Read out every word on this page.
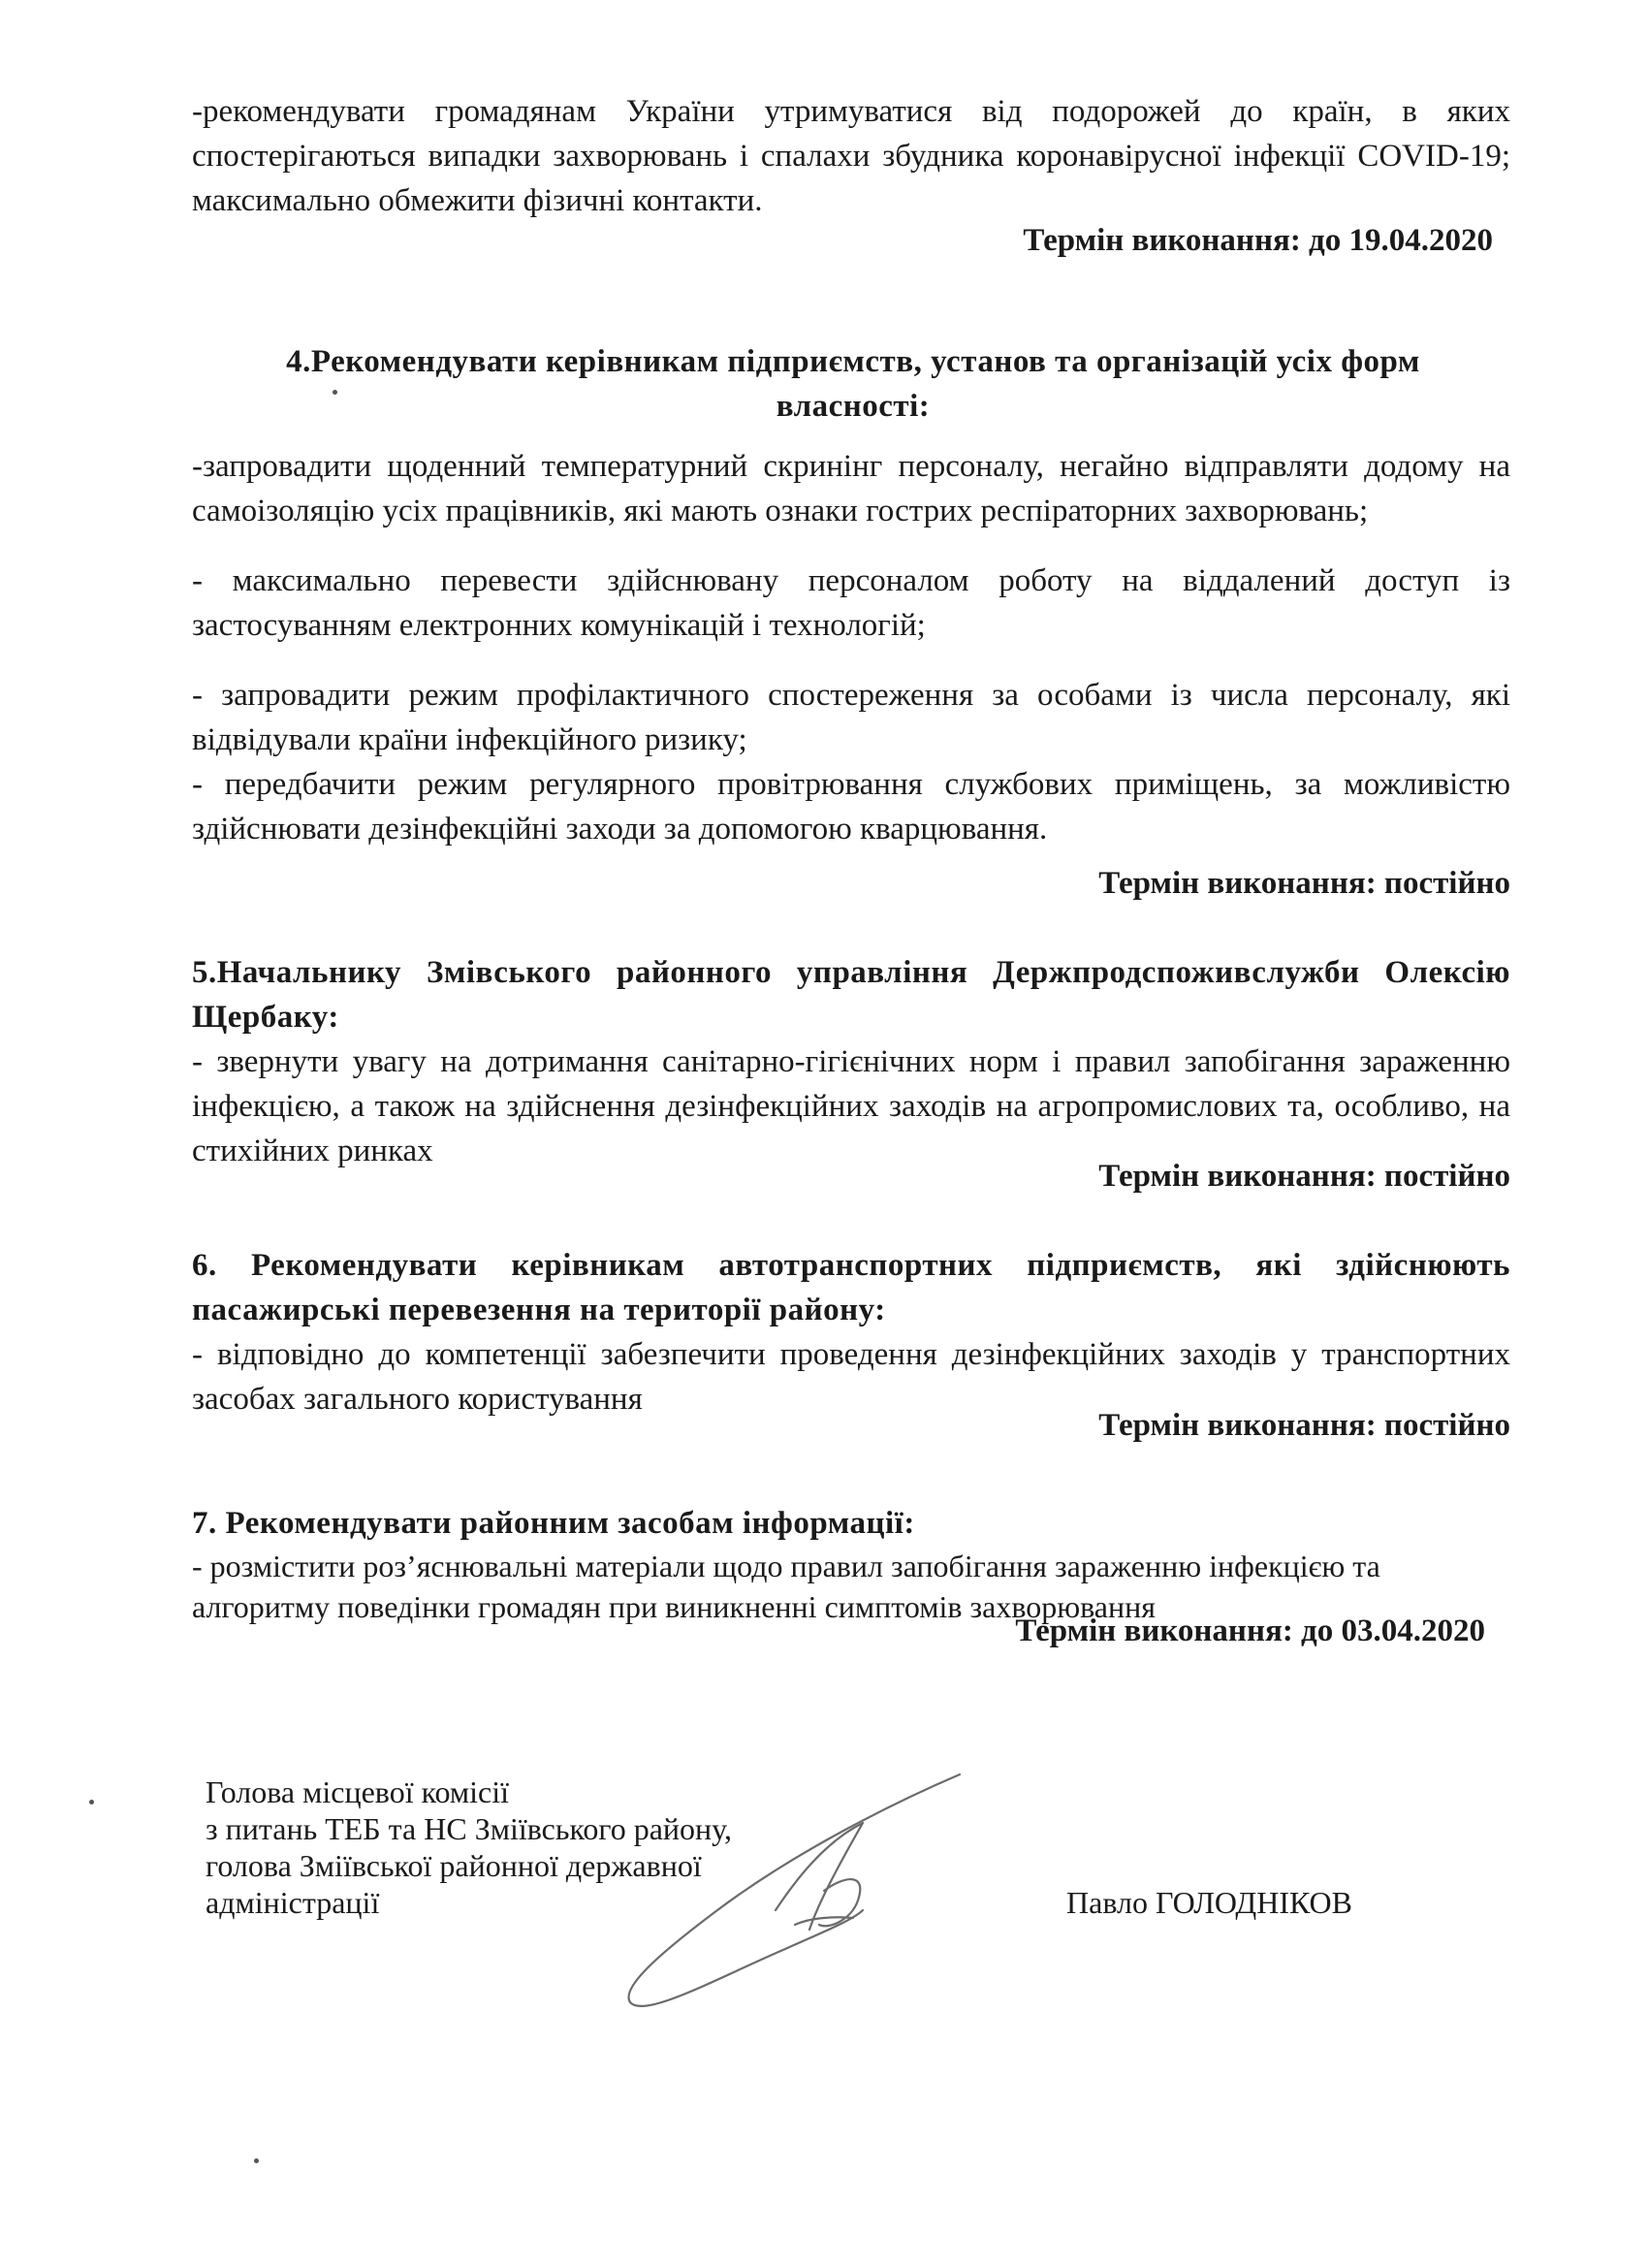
-рекомендувати громадянам України утримуватися від подорожей до країн, в яких спостерігаються випадки захворювань і спалахи збудника коронавірусної інфекції COVID-19; максимально обмежити фізичні контакти.

Термін виконання: до 19.04.2020

4.Рекомендувати керівникам підприємств, установ та організацій усіх форм власності:

-запровадити щоденний температурний скринінг персоналу, негайно відправляти додому на самоізоляцію усіх працівників, які мають ознаки гострих респіраторних захворювань;

- максимально перевести здійснювану персоналом роботу на віддалений доступ із застосуванням електронних комунікацій і технологій;

- запровадити режим профілактичного спостереження за особами із числа персоналу, які відвідували країни інфекційного ризику;

- передбачити режим регулярного провітрювання службових приміщень, за можливістю здійснювати дезінфекційні заходи за допомогою кварцювання.

Термін виконання: постійно

5.Начальнику Змівського районного управління Держпродспоживслужби Олексію Щербаку:

- звернути увагу на дотримання санітарно-гігієнічних норм і правил запобігання зараженню інфекцією, а також на здійснення дезінфекційних заходів на агропромислових та, особливо, на стихійних ринках

Термін виконання: постійно

6. Рекомендувати керівникам автотранспортних підприємств, які здійснюють пасажирські перевезення на території району:

- відповідно до компетенції забезпечити проведення дезінфекційних заходів у транспортних засобах загального користування

Термін виконання: постійно

7. Рекомендувати районним засобам інформації:

- розмістити роз’яснювальні матеріали щодо правил запобігання зараженню інфекцією та алгоритму поведінки громадян при виникненні симптомів захворювання

Термін виконання: до 03.04.2020
Голова місцевої комісії
з питань ТЕБ та НС Зміївського району,
голова Зміївської районної державної
адміністрації	Павло ГОЛОДНІКОВ
